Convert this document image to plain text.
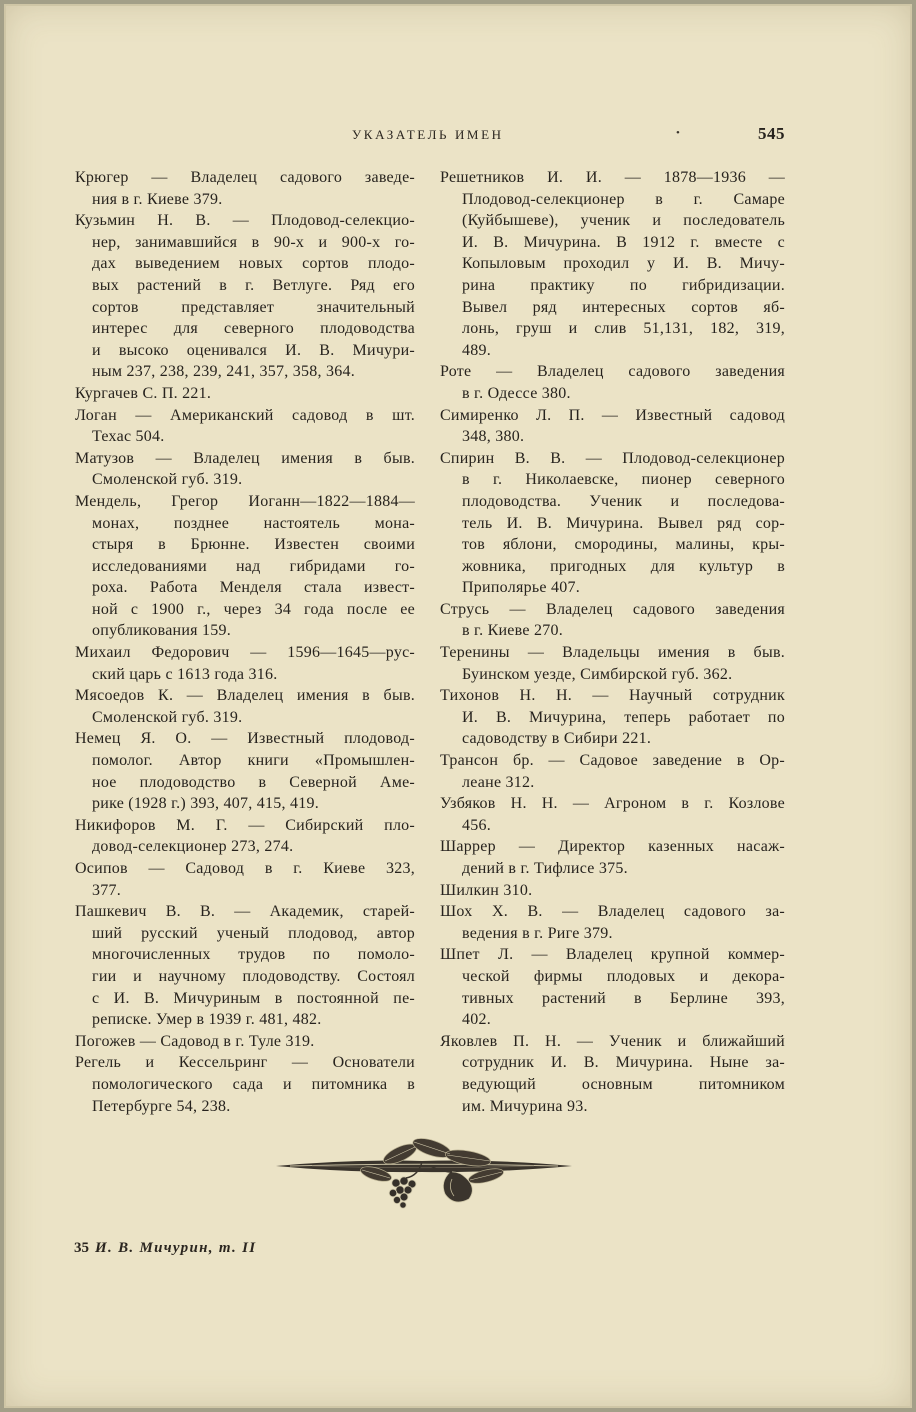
УКАЗАТЕЛЬ ИМЕН	•	545
Крюгер — Владелец садового заведе-
ния в г. Киеве 379.
Кузьмин Н. В. — Плодовод-селекцио-
нер, занимавшийся в 90-х и 900-х го-
дах выведением новых сортов плодо-
вых растений в г. Ветлуге. Ряд его
сортов представляет значительный
интерес для северного плодоводства
и высоко оценивался И. В. Мичури-
ным 237, 238, 239, 241, 357, 358, 364.
Кургачев С. П. 221.
Логан — Американский садовод в шт.
Техас 504.
Матузов — Владелец имения в быв.
Смоленской губ. 319.
Мендель, Грегор Иоганн—1822—1884—
монах, позднее настоятель мона-
стыря в Брюнне. Известен своими
исследованиями над гибридами го-
роха. Работа Менделя стала извест-
ной с 1900 г., через 34 года после ее
опубликования 159.
Михаил Федорович — 1596—1645—рус-
ский царь с 1613 года 316.
Мясоедов К. — Владелец имения в быв.
Смоленской губ. 319.
Немец Я. О. — Известный плодовод-
помолог. Автор книги «Промышлен-
ное плодоводство в Северной Аме-
рике (1928 г.) 393, 407, 415, 419.
Никифоров М. Г. — Сибирский пло-
довод-селекционер 273, 274.
Осипов — Садовод в г. Киеве 323,
377.
Пашкевич В. В. — Академик, старей-
ший русский ученый плодовод, автор
многочисленных трудов по помоло-
гии и научному плодоводству. Состоял
с И. В. Мичуриным в постоянной пе-
реписке. Умер в 1939 г. 481, 482.
Погожев — Садовод в г. Туле 319.
Регель и Кессельринг — Основатели
помологического сада и питомника в
Петербурге 54, 238.
Решетников И. И. — 1878—1936 —
Плодовод-селекционер в г. Самаре
(Куйбышеве), ученик и последователь
И. В. Мичурина. В 1912 г. вместе с
Копыловым проходил у И. В. Мичу-
рина практику по гибридизации.
Вывел ряд интересных сортов яб-
лонь, груш и слив 51,131, 182, 319,
489.
Роте — Владелец садового заведения
в г. Одессе 380.
Симиренко Л. П. — Известный садовод
348, 380.
Спирин В. В. — Плодовод-селекционер
в г. Николаевске, пионер северного
плодоводства. Ученик и последова-
тель И. В. Мичурина. Вывел ряд сор-
тов яблони, смородины, малины, кры-
жовника, пригодных для культур в
Приполярье 407.
Струсь — Владелец садового заведения
в г. Киеве 270.
Теренины — Владельцы имения в быв.
Буинском уезде, Симбирской губ. 362.
Тихонов Н. Н. — Научный сотрудник
И. В. Мичурина, теперь работает по
садоводству в Сибири 221.
Трансон бр. — Садовое заведение в Ор-
леане 312.
Узбяков Н. Н. — Агроном в г. Козлове
456.
Шаррер — Директор казенных насаж-
дений в г. Тифлисе 375.
Шилкин 310.
Шох Х. В. — Владелец садового за-
ведения в г. Риге 379.
Шпет Л. — Владелец крупной коммер-
ческой фирмы плодовых и декора-
тивных растений в Берлине 393,
402.
Яковлев П. Н. — Ученик и ближайший
сотрудник И. В. Мичурина. Ныне за-
ведующий основным питомником
им. Мичурина 93.
35 И. В. Мичурин, т. II
